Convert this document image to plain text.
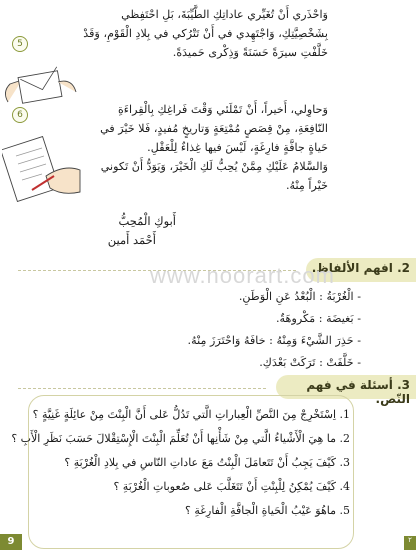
5
وَاحْذَري أَنْ تُغَيِّري عاداتِكِ الطَّيِّبَةَ، بَلِ احْتَفِظي
بِشَخْصِيَّتِكِ، وَاجْتَهِدي في أَنْ تَتْرُكي في بِلادِ الْقَوْمِ، وَقَدْ
خَلَّفْتِ سيرَةً حَسَنَةً وَذِكْرى حَميدَةً.
6	وَحاوِلي، أَخيراً، أَنْ تَمْلَئي وَقْتَ فَراغِكِ بِالْقِراءَةِ
النّافِعَةِ، مِنْ قِصَصٍ مُمْتِعَةٍ وَتاريخٍ مُفيدٍ، فَلا خَيْرَ في
حَياةٍ جافَّةٍ فارِغَةٍ، لَيْسَ فيها غِذاءٌ لِلْعَقْلِ.
وَالسَّلامُ عَلَيْكِ مِمَّنْ يُحِبُّ لَكِ الْخَيْرَ، وَيَوَدُّ أَنْ تَكوني
خَيْراً مِنْهُ.
أَبوكِ الْمُحِبُّ
أَحْمَد أَمين
2. افهم الألفاظ.
www.noorart.com
- الْغُرْبَةُ : الْبُعْدُ عَنِ الْوَطَنِ.
- بَغيضَة : مَكْروهَةٌ.
- حَذِرَ الشَّيْءَ وَمِنْهُ : خافَهُ وَاحْتَرَزَ مِنْهُ.
- خَلَّفَتْ : تَرَكَتْ بَعْدَكِ.
3. أسئلة في فهم النّص.
1. اِسْتَخْرِجْ مِنَ النَّصِّ الْعِباراتِ الَّتي تَدُلُّ عَلى أَنَّ الْبِنْتَ مِنْ عائِلَةٍ غَنِيَّةٍ ؟
2. ما هِيَ الْأَشْياءُ الَّتي مِنْ شَأْنِها أَنْ تُعَلِّمَ الْبِنْتَ الْإِسْتِقْلالَ حَسَبَ نَظَرِ الْأَبِ ؟
3. كَيْفَ يَجِبُ أَنْ تَتَعامَلَ الْبِنْتُ مَعَ عاداتِ النّاسِ في بِلادِ الْغُرْبَةِ ؟
4. كَيْفَ يُمْكِنُ لِلْبِنْتِ أَنْ تَتَغَلَّبَ عَلى صُعوباتِ الْغُرْبَةِ ؟
5. ماهُوَ عَيْبُ الْحَياةِ الْجافَّةِ الْفارِغَةِ ؟
9	٢
